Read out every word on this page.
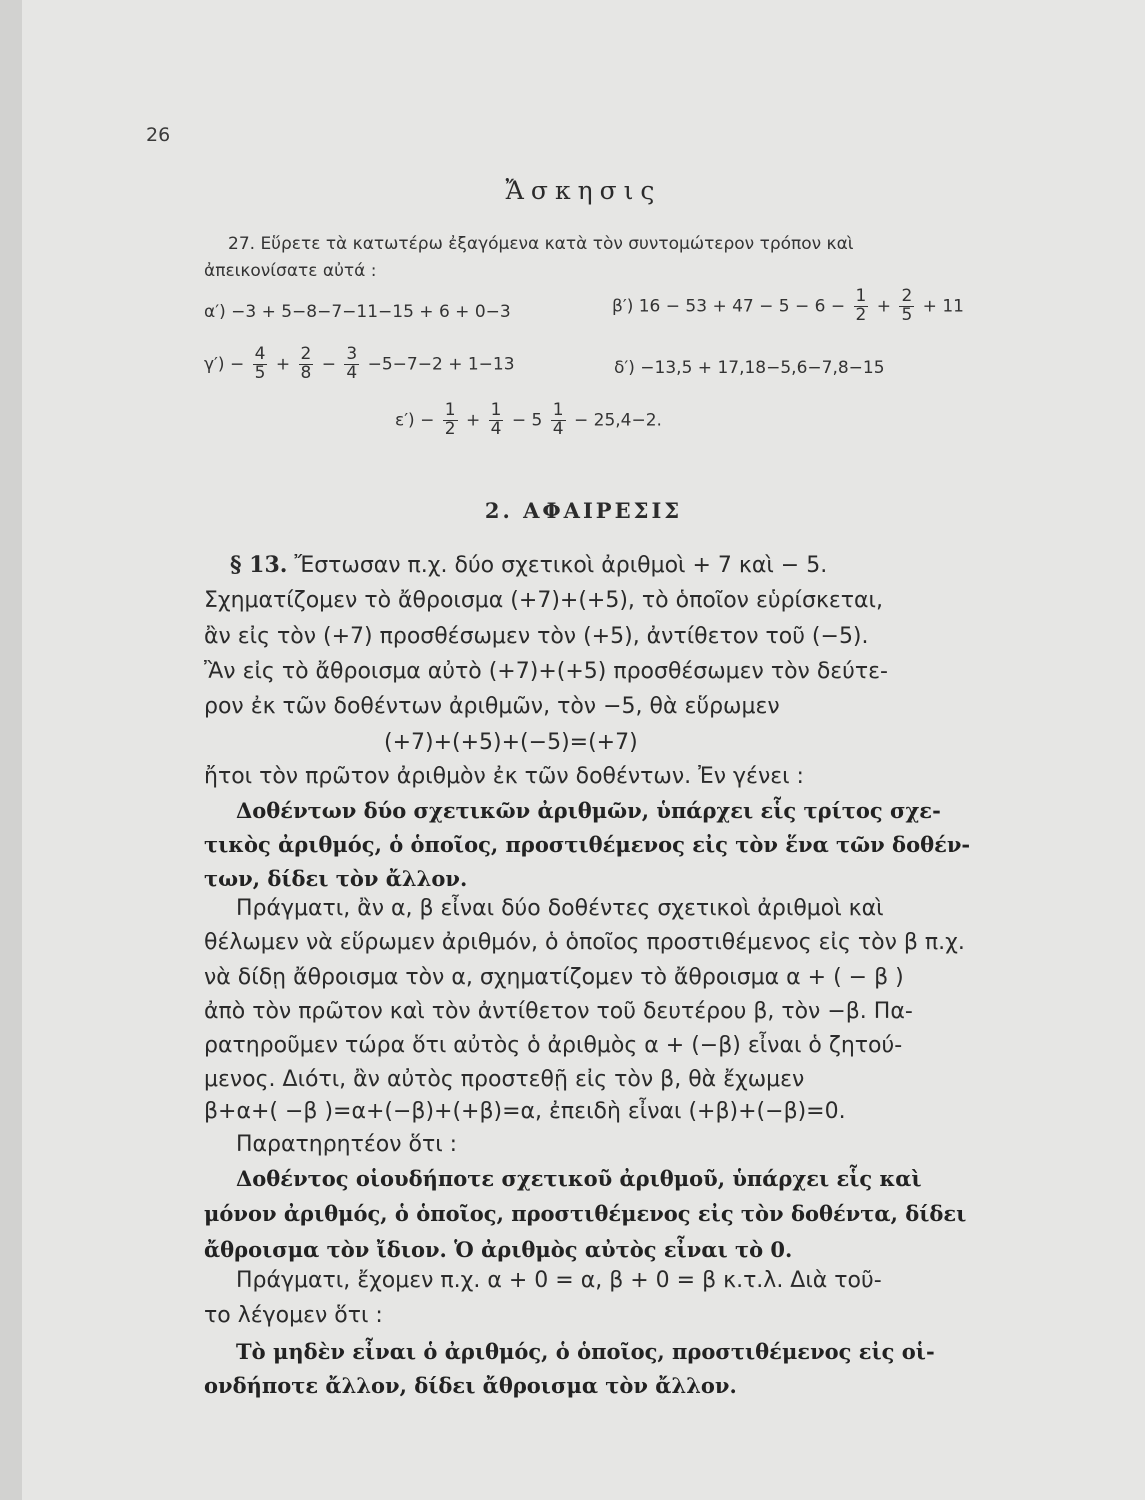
26
Ἄσκησις
27. Εὕρετε τὰ κατωτέρω ἐξαγόμενα κατὰ τὸν συντομώτερον τρόπον καὶ
ἀπεικονίσατε αὐτά :
α′) −3 + 5−8−7−11−15 + 6 + 0−3	β′) $16 - 53 + 47 - 5 - 6 - \frac{1}{2} + \frac{2}{5} + 11$
$\gamma') - \frac{4}{5} + \frac{2}{8} - \frac{3}{4} -5-7-2 + 1-13$	δ′) −13,5 + 17,18−5,6−7,8−15
$\varepsilon') - \frac{1}{2} + \frac{1}{4} - 5 \frac{1}{4} - 25,4-2$.
2. ΑΦΑΙΡΕΣΙΣ
§ 13. Ἔστωσαν π.χ. δύο σχετικοὶ ἀριθμοὶ + 7 καὶ − 5.
Σχηματίζομεν τὸ ἄθροισμα (+7)+(+5), τὸ ὁποῖον εὑρίσκεται,
ἂν εἰς τὸν (+7) προσθέσωμεν τὸν (+5), ἀντίθετον τοῦ (−5).
Ἂν εἰς τὸ ἄθροισμα αὐτὸ (+7)+(+5) προσθέσωμεν τὸν δεύτε-
ρον ἐκ τῶν δοθέντων ἀριθμῶν, τὸν −5, θὰ εὕρωμεν
(+7)+(+5)+(−5)=(+7)
ἤτοι τὸν πρῶτον ἀριθμὸν ἐκ τῶν δοθέντων. Ἐν γένει :
Δοθέντων δύο σχετικῶν ἀριθμῶν, ὑπάρχει εἷς τρίτος σχε-
τικὸς ἀριθμός, ὁ ὁποῖος, προστιθέμενος εἰς τὸν ἕνα τῶν δοθέν-
των, δίδει τὸν ἄλλον.
Πράγματι, ἂν α, β εἶναι δύο δοθέντες σχετικοὶ ἀριθμοὶ καὶ
θέλωμεν νὰ εὕρωμεν ἀριθμόν, ὁ ὁποῖος προστιθέμενος εἰς τὸν β π.χ.
νὰ δίδῃ ἄθροισμα τὸν α, σχηματίζομεν τὸ ἄθροισμα α + ( − β )
ἀπὸ τὸν πρῶτον καὶ τὸν ἀντίθετον τοῦ δευτέρου β, τὸν −β. Πα-
ρατηροῦμεν τώρα ὅτι αὐτὸς ὁ ἀριθμὸς α + (−β) εἶναι ὁ ζητού-
μενος. Διότι, ἂν αὐτὸς προστεθῇ εἰς τὸν β, θὰ ἔχωμεν
β+α+( −β )=α+(−β)+(+β)=α, ἐπειδὴ εἶναι (+β)+(−β)=0.
Παρατηρητέον ὅτι :
Δοθέντος οἱουδήποτε σχετικοῦ ἀριθμοῦ, ὑπάρχει εἷς καὶ
μόνον ἀριθμός, ὁ ὁποῖος, προστιθέμενος εἰς τὸν δοθέντα, δίδει
ἄθροισμα τὸν ἴδιον. Ὁ ἀριθμὸς αὐτὸς εἶναι τὸ 0.
Πράγματι, ἔχομεν π.χ. α + 0 = α, β + 0 = β κ.τ.λ. Διὰ τοῦ-
το λέγομεν ὅτι :
Τὸ μηδὲν εἶναι ὁ ἀριθμός, ὁ ὁποῖος, προστιθέμενος εἰς οἱ-
ονδήποτε ἄλλον, δίδει ἄθροισμα τὸν ἄλλον.
